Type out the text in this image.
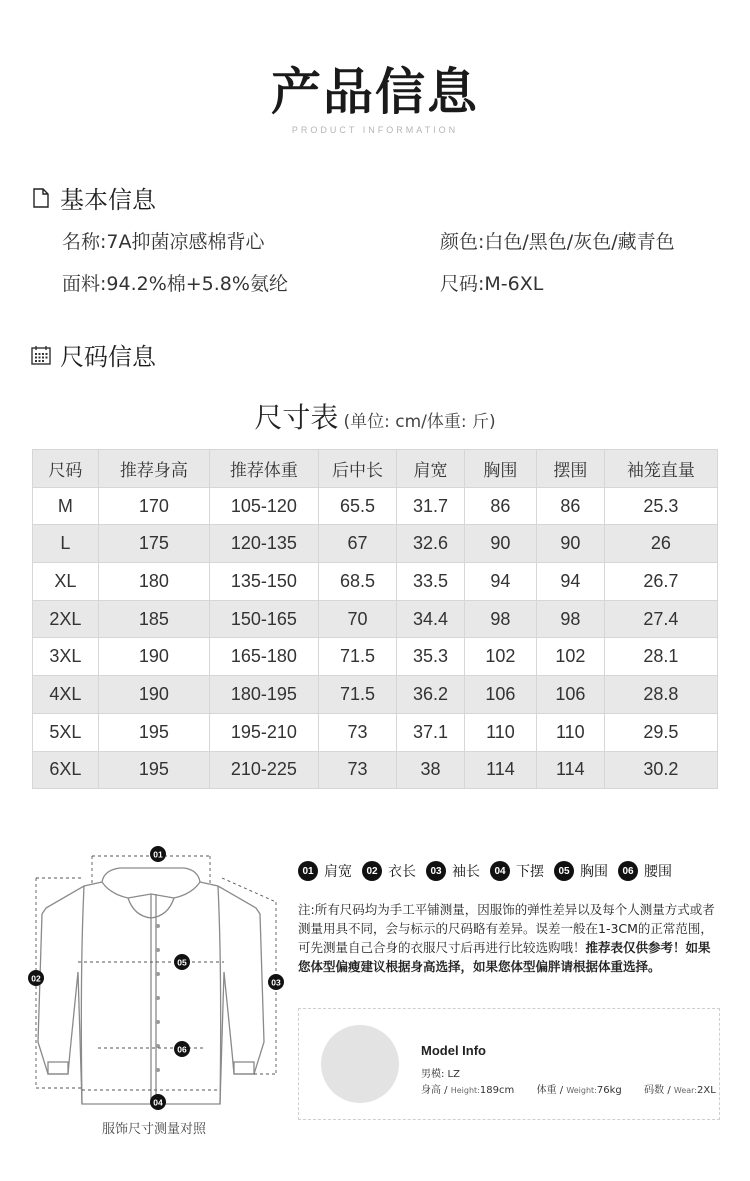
产品信息
PRODUCT INFORMATION
基本信息
名称:7A抑菌凉感棉背心	颜色:白色/黑色/灰色/藏青色
面料:94.2%棉+5.8%氨纶	尺码:M-6XL
尺码信息
尺寸表 (单位: cm/体重: 斤)
尺码	推荐身高	推荐体重	后中长	肩宽	胸围	摆围	袖笼直量
M	170	105-120	65.5	31.7	86	86	25.3
L	175	120-135	67	32.6	90	90	26
XL	180	135-150	68.5	33.5	94	94	26.7
2XL	185	150-165	70	34.4	98	98	27.4
3XL	190	165-180	71.5	35.3	102	102	28.1
4XL	190	180-195	71.5	36.2	106	106	28.8
5XL	195	195-210	73	37.1	110	110	29.5
6XL	195	210-225	73	38	114	114	30.2
01
02	03
04
05
06
服饰尺寸测量对照
01 肩宽	02 衣长	03 袖长	04 下摆	05 胸围	06 腰围
注:所有尺码均为手工平铺测量，因服饰的弹性差异以及每个人测量方式或者测量用具不同，会与标示的尺码略有差异。误差一般在1-3CM的正常范围，可先测量自己合身的衣服尺寸后再进行比较选购哦！推荐表仅供参考！如果您体型偏瘦建议根据身高选择，如果您体型偏胖请根据体重选择。
Model Info
男模: LZ
身高 / Height:189cm 体重 / Weight:76kg 码数 / Wear:2XL
